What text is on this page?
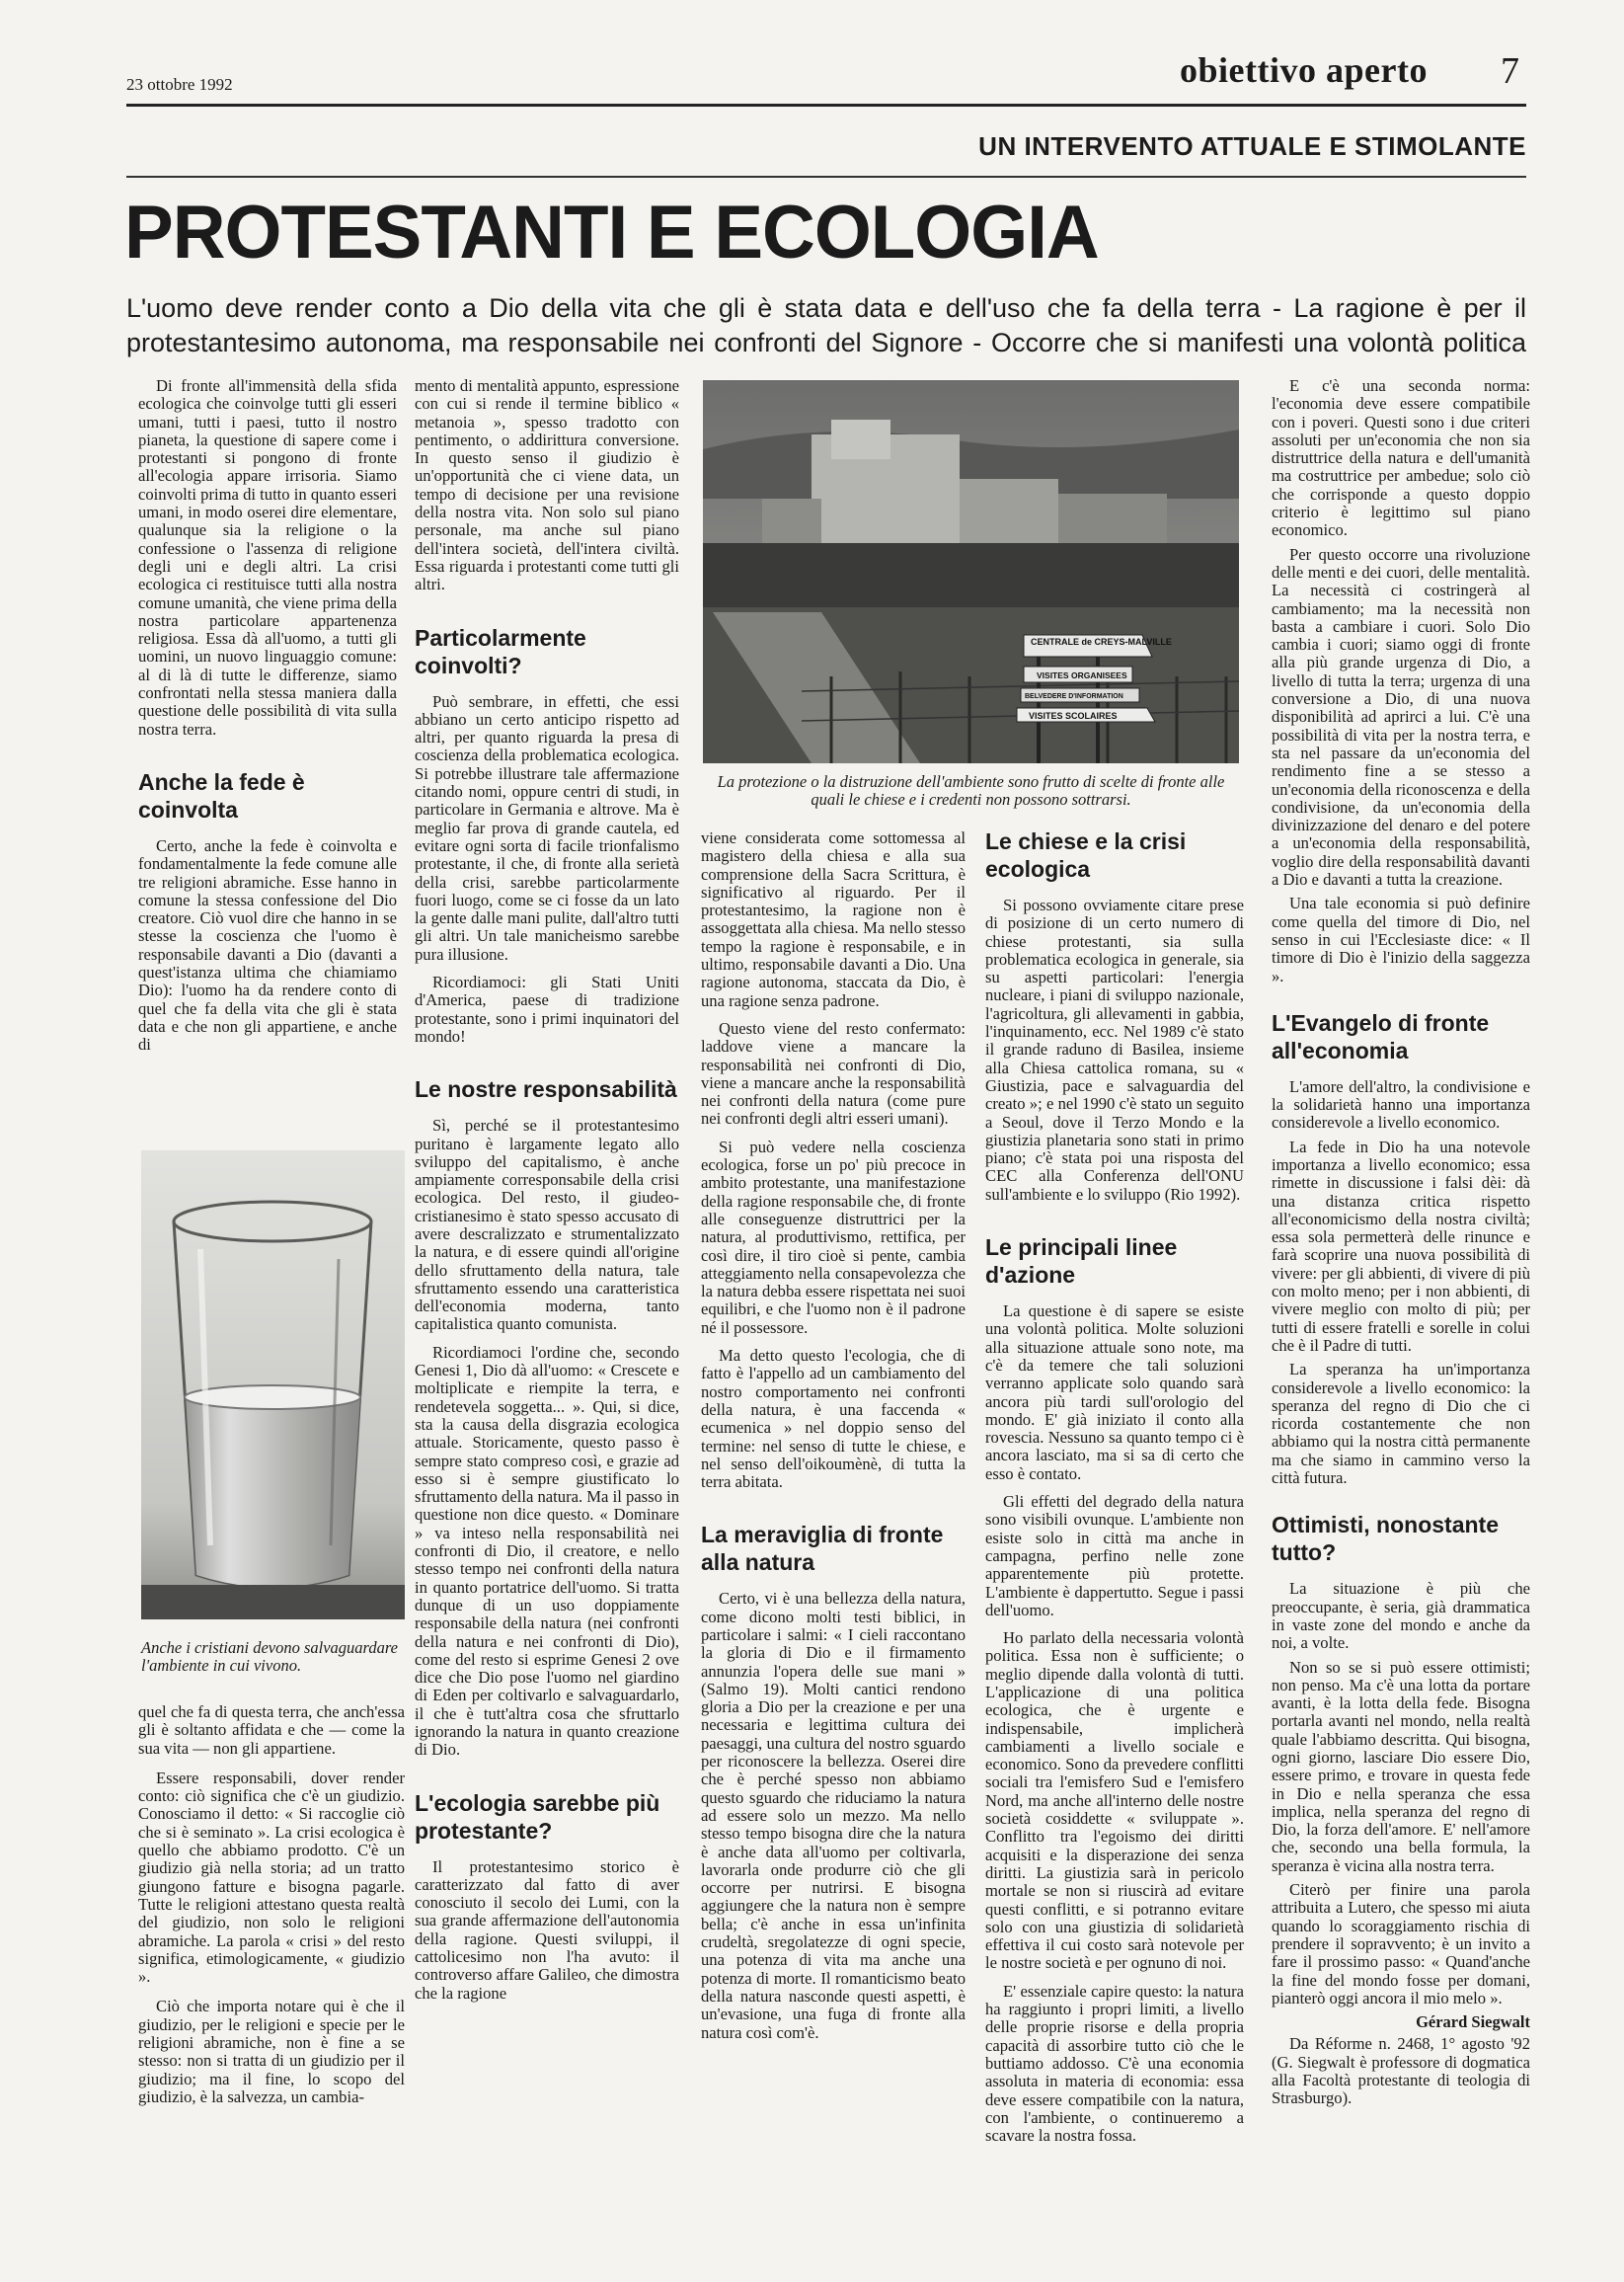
23 ottobre 1992	obiettivo aperto 7
UN INTERVENTO ATTUALE E STIMOLANTE
PROTESTANTI E ECOLOGIA
L'uomo deve render conto a Dio della vita che gli è stata data e dell'uso che fa della terra - La ragione è per il
protestantesimo autonoma, ma responsabile nei confronti del Signore - Occorre che si manifesti una volontà politica

Di fronte all'immensità della sfida ecologica che coinvolge tutti gli esseri umani, tutti i paesi, tutto il nostro pianeta, la questione di sapere come i protestanti si pongono di fronte all'ecologia appare irrisoria. Siamo coinvolti prima di tutto in quanto esseri umani, in modo oserei dire elementare, qualunque sia la religione o la confessione o l'assenza di religione degli uni e degli altri. La crisi ecologica ci restituisce tutti alla nostra comune umanità, che viene prima della nostra particolare appartenenza religiosa. Essa dà all'uomo, a tutti gli uomini, un nuovo linguaggio comune: al di là di tutte le differenze, siamo confrontati nella stessa maniera dalla questione delle possibilità di vita sulla nostra terra.

Anche la fede è coinvolta

Certo, anche la fede è coinvolta e fondamentalmente la fede comune alle tre religioni abramiche. Esse hanno in comune la stessa confessione del Dio creatore. Ciò vuol dire che hanno in se stesse la coscienza che l'uomo è responsabile davanti a Dio (davanti a quest'istanza ultima che chiamiamo Dio): l'uomo ha da rendere conto di quel che fa della vita che gli è stata data e che non gli appartiene, e anche di

Anche i cristiani devono salvaguardare l'ambiente in cui vivono.

quel che fa di questa terra, che anch'essa gli è soltanto affidata e che — come la sua vita — non gli appartiene.

Essere responsabili, dover render conto: ciò significa che c'è un giudizio. Conosciamo il detto: « Si raccoglie ciò che si è seminato ». La crisi ecologica è quello che abbiamo prodotto. C'è un giudizio già nella storia; ad un tratto giungono fatture e bisogna pagarle. Tutte le religioni attestano questa realtà del giudizio, non solo le religioni abramiche. La parola « crisi » del resto significa, etimologicamente, « giudizio ».

Ciò che importa notare qui è che il giudizio, per le religioni e specie per le religioni abramiche, non è fine a se stesso: non si tratta di un giudizio per il giudizio; ma il fine, lo scopo del giudizio, è la salvezza, un cambia-

mento di mentalità appunto, espressione con cui si rende il termine biblico « metanoia », spesso tradotto con pentimento, o addirittura conversione. In questo senso il giudizio è un'opportunità che ci viene data, un tempo di decisione per una revisione della nostra vita. Non solo sul piano personale, ma anche sul piano dell'intera società, dell'intera civiltà. Essa riguarda i protestanti come tutti gli altri.

Particolarmente coinvolti?

Può sembrare, in effetti, che essi abbiano un certo anticipo rispetto ad altri, per quanto riguarda la presa di coscienza della problematica ecologica. Si potrebbe illustrare tale affermazione citando nomi, oppure centri di studi, in particolare in Germania e altrove. Ma è meglio far prova di grande cautela, ed evitare ogni sorta di facile trionfalismo protestante, il che, di fronte alla serietà della crisi, sarebbe particolarmente fuori luogo, come se ci fosse da un lato la gente dalle mani pulite, dall'altro tutti gli altri. Un tale manicheismo sarebbe pura illusione.

Ricordiamoci: gli Stati Uniti d'America, paese di tradizione protestante, sono i primi inquinatori del mondo!

Le nostre responsabilità

Sì, perché se il protestantesimo puritano è largamente legato allo sviluppo del capitalismo, è anche ampiamente corresponsabile della crisi ecologica. Del resto, il giudeo-cristianesimo è stato spesso accusato di avere descralizzato e strumentalizzato la natura, e di essere quindi all'origine dello sfruttamento della natura, tale sfruttamento essendo una caratteristica dell'economia moderna, tanto capitalistica quanto comunista.

Ricordiamoci l'ordine che, secondo Genesi 1, Dio dà all'uomo: « Crescete e moltiplicate e riempite la terra, e rendetevela soggetta... ». Qui, si dice, sta la causa della disgrazia ecologica attuale. Storicamente, questo passo è sempre stato compreso così, e grazie ad esso si è sempre giustificato lo sfruttamento della natura. Ma il passo in questione non dice questo. « Dominare » va inteso nella responsabilità nei confronti di Dio, il creatore, e nello stesso tempo nei confronti della natura in quanto portatrice dell'uomo. Si tratta dunque di un uso doppiamente responsabile della natura (nei confronti della natura e nei confronti di Dio), come del resto si esprime Genesi 2 ove dice che Dio pose l'uomo nel giardino di Eden per coltivarlo e salvaguardarlo, il che è tutt'altra cosa che sfruttarlo ignorando la natura in quanto creazione di Dio.

L'ecologia sarebbe più protestante?

Il protestantesimo storico è caratterizzato dal fatto di aver conosciuto il secolo dei Lumi, con la sua grande affermazione dell'autonomia della ragione. Questi sviluppi, il cattolicesimo non l'ha avuto: il controverso affare Galileo, che dimostra che la ragione

CENTRALE de CREYS-MALVILLE
VISITES ORGANISEES
BELVEDERE D'INFORMATION
VISITES SCOLAIRES
La protezione o la distruzione dell'ambiente sono frutto di scelte di fronte alle quali le chiese e i credenti non possono sottrarsi.

viene considerata come sottomessa al magistero della chiesa e alla sua comprensione della Sacra Scrittura, è significativo al riguardo. Per il protestantesimo, la ragione non è assoggettata alla chiesa. Ma nello stesso tempo la ragione è responsabile, e in ultimo, responsabile davanti a Dio. Una ragione autonoma, staccata da Dio, è una ragione senza padrone.

Questo viene del resto confermato: laddove viene a mancare la responsabilità nei confronti di Dio, viene a mancare anche la responsabilità nei confronti della natura (come pure nei confronti degli altri esseri umani).

Si può vedere nella coscienza ecologica, forse un po' più precoce in ambito protestante, una manifestazione della ragione responsabile che, di fronte alle conseguenze distruttrici per la natura, al produttivismo, rettifica, per così dire, il tiro cioè si pente, cambia atteggiamento nella consapevolezza che la natura debba essere rispettata nei suoi equilibri, e che l'uomo non è il padrone né il possessore.

Ma detto questo l'ecologia, che di fatto è l'appello ad un cambiamento del nostro comportamento nei confronti della natura, è una faccenda « ecumenica » nel doppio senso del termine: nel senso di tutte le chiese, e nel senso dell'oikoumènè, di tutta la terra abitata.

La meraviglia di fronte alla natura

Certo, vi è una bellezza della natura, come dicono molti testi biblici, in particolare i salmi: « I cieli raccontano la gloria di Dio e il firmamento annunzia l'opera delle sue mani » (Salmo 19). Molti cantici rendono gloria a Dio per la creazione e per una necessaria e legittima cultura dei paesaggi, una cultura del nostro sguardo per riconoscere la bellezza. Oserei dire che è perché spesso non abbiamo questo sguardo che riduciamo la natura ad essere solo un mezzo. Ma nello stesso tempo bisogna dire che la natura è anche data all'uomo per coltivarla, lavorarla onde produrre ciò che gli occorre per nutrirsi. E bisogna aggiungere che la natura non è sempre bella; c'è anche in essa un'infinita crudeltà, sregolatezze di ogni specie, una potenza di vita ma anche una potenza di morte. Il romanticismo beato della natura nasconde questi aspetti, è un'evasione, una fuga di fronte alla natura così com'è.

Le chiese e la crisi ecologica

Si possono ovviamente citare prese di posizione di un certo numero di chiese protestanti, sia sulla problematica ecologica in generale, sia su aspetti particolari: l'energia nucleare, i piani di sviluppo nazionale, l'agricoltura, gli allevamenti in gabbia, l'inquinamento, ecc. Nel 1989 c'è stato il grande raduno di Basilea, insieme alla Chiesa cattolica romana, su « Giustizia, pace e salvaguardia del creato »; e nel 1990 c'è stato un seguito a Seoul, dove il Terzo Mondo e la giustizia planetaria sono stati in primo piano; c'è stata poi una risposta del CEC alla Conferenza dell'ONU sull'ambiente e lo sviluppo (Rio 1992).

Le principali linee d'azione

La questione è di sapere se esiste una volontà politica. Molte soluzioni alla situazione attuale sono note, ma c'è da temere che tali soluzioni verranno applicate solo quando sarà ancora più tardi sull'orologio del mondo. E' già iniziato il conto alla rovescia. Nessuno sa quanto tempo ci è ancora lasciato, ma si sa di certo che esso è contato.

Gli effetti del degrado della natura sono visibili ovunque. L'ambiente non esiste solo in città ma anche in campagna, perfino nelle zone apparentemente più protette. L'ambiente è dappertutto. Segue i passi dell'uomo.

Ho parlato della necessaria volontà politica. Essa non è sufficiente; o meglio dipende dalla volontà di tutti. L'applicazione di una politica ecologica, che è urgente e indispensabile, implicherà cambiamenti a livello sociale e economico. Sono da prevedere conflitti sociali tra l'emisfero Sud e l'emisfero Nord, ma anche all'interno delle nostre società cosiddette « sviluppate ». Conflitto tra l'egoismo dei diritti acquisiti e la disperazione dei senza diritti. La giustizia sarà in pericolo mortale se non si riuscirà ad evitare questi conflitti, e si potranno evitare solo con una giustizia di solidarietà effettiva il cui costo sarà notevole per le nostre società e per ognuno di noi.

E' essenziale capire questo: la natura ha raggiunto i propri limiti, a livello delle proprie risorse e della propria capacità di assorbire tutto ciò che le buttiamo addosso. C'è una economia assoluta in materia di economia: essa deve essere compatibile con la natura, con l'ambiente, o continueremo a scavare la nostra fossa.

E c'è una seconda norma: l'economia deve essere compatibile con i poveri. Questi sono i due criteri assoluti per un'economia che non sia distruttrice della natura e dell'umanità ma costruttrice per ambedue; solo ciò che corrisponde a questo doppio criterio è legittimo sul piano economico.

Per questo occorre una rivoluzione delle menti e dei cuori, delle mentalità. La necessità ci costringerà al cambiamento; ma la necessità non basta a cambiare i cuori. Solo Dio cambia i cuori; siamo oggi di fronte alla più grande urgenza di Dio, a livello di tutta la terra; urgenza di una conversione a Dio, di una nuova disponibilità ad aprirci a lui. C'è una possibilità di vita per la nostra terra, e sta nel passare da un'economia del rendimento fine a se stesso a un'economia della riconoscenza e della condivisione, da un'economia della divinizzazione del denaro e del potere a un'economia della responsabilità, voglio dire della responsabilità davanti a Dio e davanti a tutta la creazione.

Una tale economia si può definire come quella del timore di Dio, nel senso in cui l'Ecclesiaste dice: « Il timore di Dio è l'inizio della saggezza ».

L'Evangelo di fronte all'economia

L'amore dell'altro, la condivisione e la solidarietà hanno una importanza considerevole a livello economico.

La fede in Dio ha una notevole importanza a livello economico; essa rimette in discussione i falsi dèi: dà una distanza critica rispetto all'economicismo della nostra civiltà; essa sola permetterà delle rinunce e farà scoprire una nuova possibilità di vivere: per gli abbienti, di vivere di più con molto meno; per i non abbienti, di vivere meglio con molto di più; per tutti di essere fratelli e sorelle in colui che è il Padre di tutti.

La speranza ha un'importanza considerevole a livello economico: la speranza del regno di Dio che ci ricorda costantemente che non abbiamo qui la nostra città permanente ma che siamo in cammino verso la città futura.

Ottimisti, nonostante tutto?

La situazione è più che preoccupante, è seria, già drammatica in vaste zone del mondo e anche da noi, a volte.

Non so se si può essere ottimisti; non penso. Ma c'è una lotta da portare avanti, è la lotta della fede. Bisogna portarla avanti nel mondo, nella realtà quale l'abbiamo descritta. Qui bisogna, ogni giorno, lasciare Dio essere Dio, essere primo, e trovare in questa fede in Dio e nella speranza che essa implica, nella speranza del regno di Dio, la forza dell'amore. E' nell'amore che, secondo una bella formula, la speranza è vicina alla nostra terra.

Citerò per finire una parola attribuita a Lutero, che spesso mi aiuta quando lo scoraggiamento rischia di prendere il sopravvento; è un invito a fare il prossimo passo: « Quand'anche la fine del mondo fosse per domani, pianterò oggi ancora il mio melo ».

Gérard Siegwalt

Da Réforme n. 2468, 1° agosto '92 (G. Siegwalt è professore di dogmatica alla Facoltà protestante di teologia di Strasburgo).
